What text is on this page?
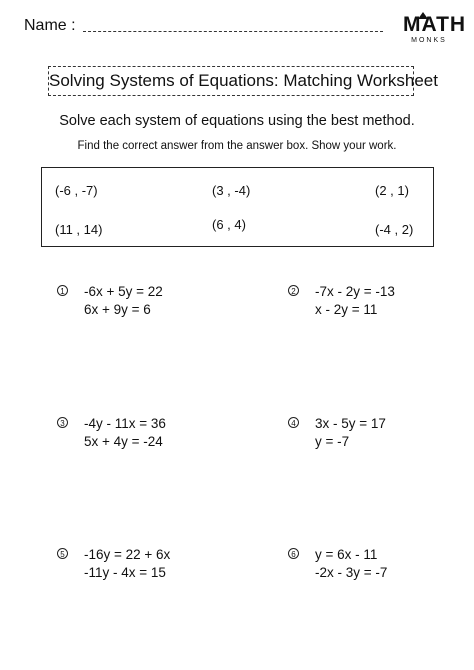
Name :	MATH
MONKS
Solving Systems of Equations: Matching Worksheet
Solve each system of equations using the best method.
Find the correct answer from the answer box. Show your work.
(-6 , -7)	(3 , -4)	(2 , 1)
(11 , 14)	(6 , 4)	(-4 , 2)
1 -6x + 5y = 22
6x + 9y = 6
2 -7x - 2y = -13
x - 2y = 11
3 -4y - 11x = 36
5x + 4y = -24
4 3x - 5y = 17
y = -7
5 -16y = 22 + 6x
-11y - 4x = 15
6 y = 6x - 11
-2x - 3y = -7
